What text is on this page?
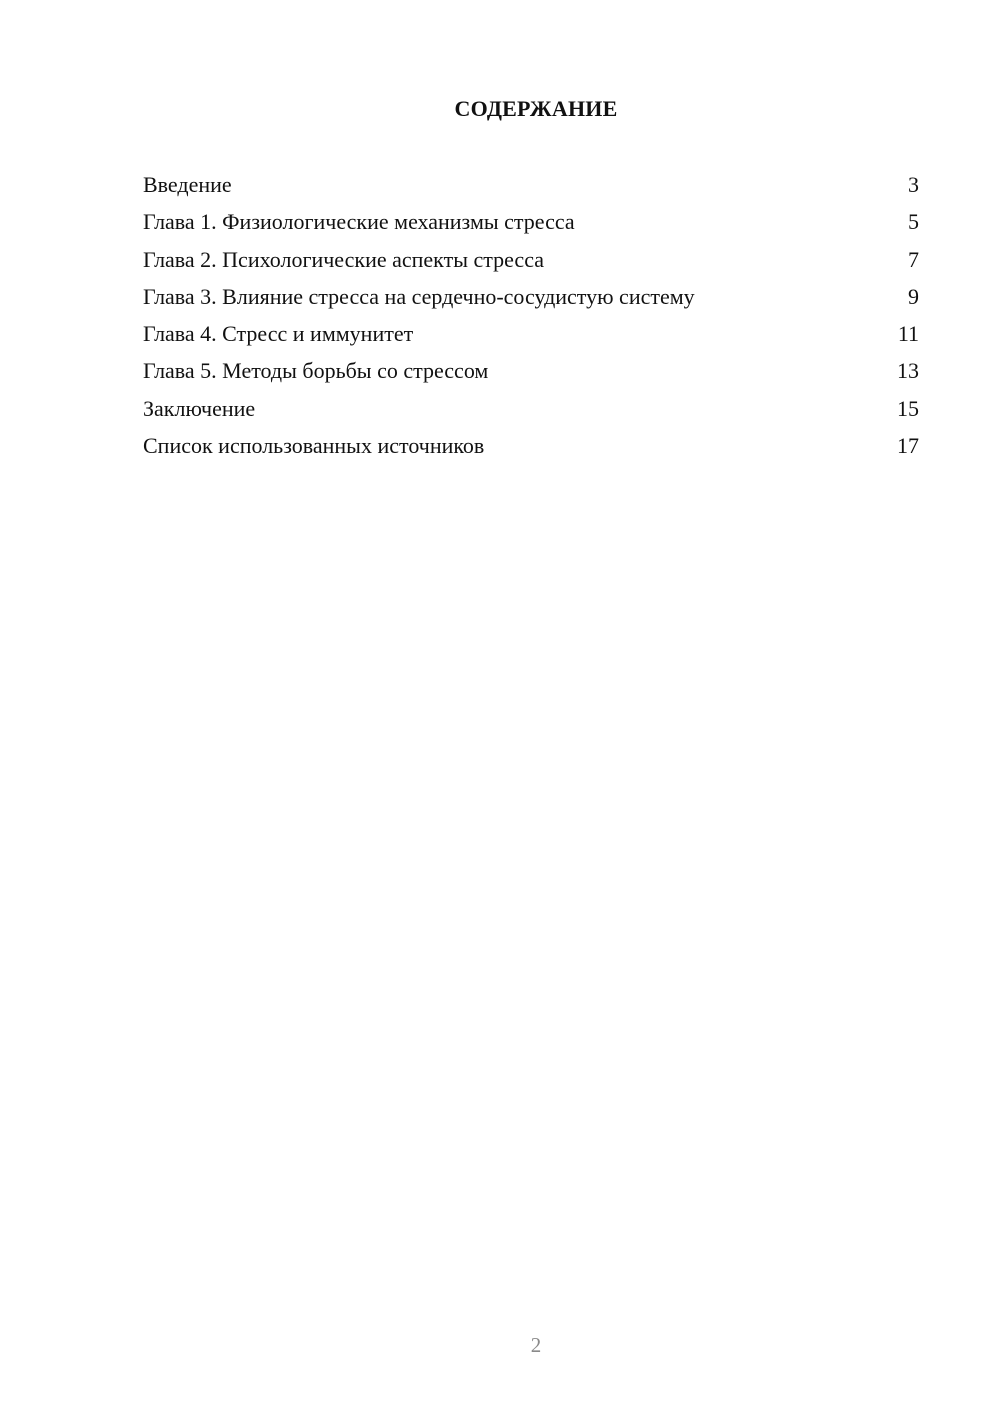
СОДЕРЖАНИЕ
Введение	3
Глава 1. Физиологические механизмы стресса	5
Глава 2. Психологические аспекты стресса	7
Глава 3. Влияние стресса на сердечно-сосудистую систему	9
Глава 4. Стресс и иммунитет	11
Глава 5. Методы борьбы со стрессом	13
Заключение	15
Список использованных источников	17
2
